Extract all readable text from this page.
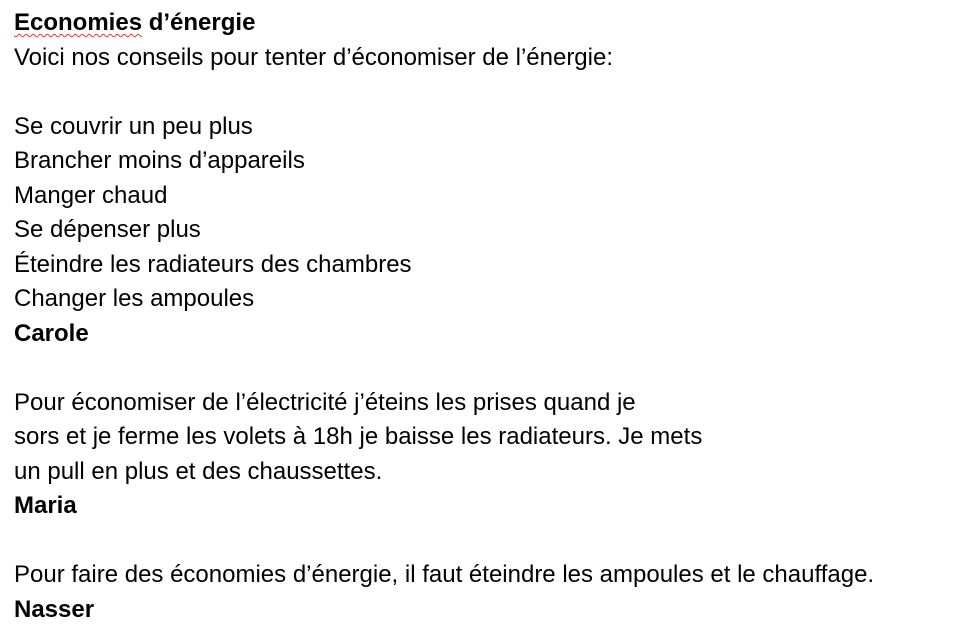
Economies d’énergie
Voici nos conseils pour tenter d’économiser de l’énergie:
Se couvrir un peu plus
Brancher moins d’appareils
Manger chaud
Se dépenser plus
Éteindre les radiateurs des chambres
Changer les ampoules
Carole
Pour économiser de l’électricité j’éteins les prises quand je
sors et je ferme les volets à 18h je baisse les radiateurs. Je mets
un pull en plus et des chaussettes.
Maria
Pour faire des économies d’énergie, il faut éteindre les ampoules et le chauffage.
Nasser
